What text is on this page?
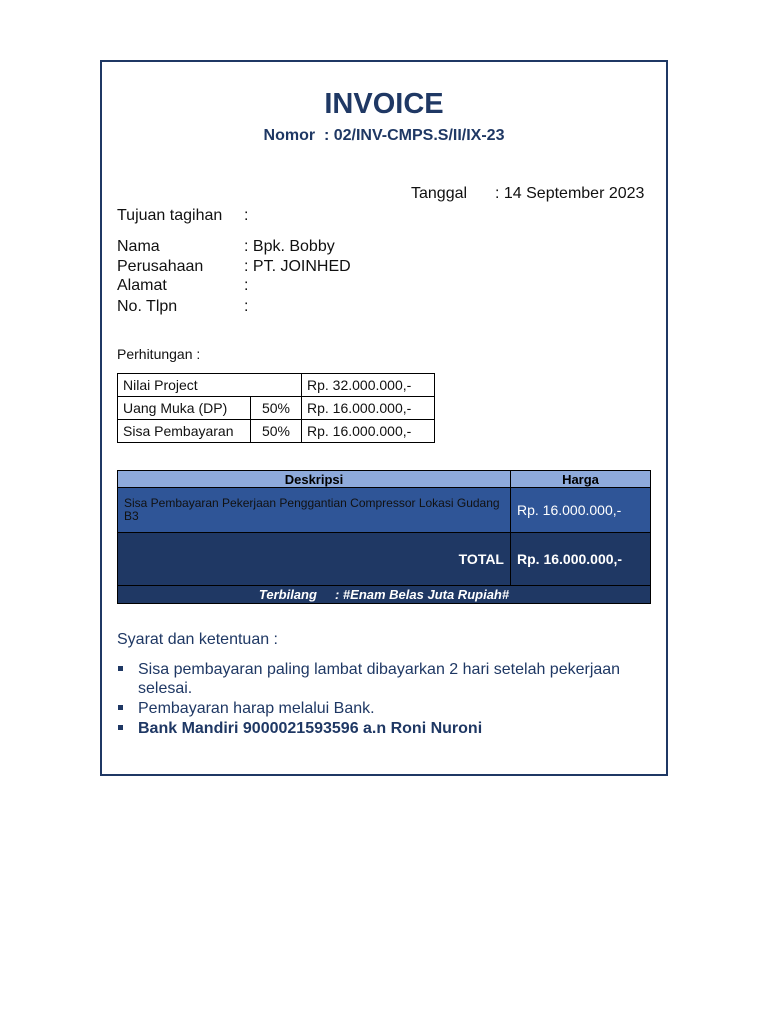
INVOICE
Nomor : 02/INV-CMPS.S/II/IX-23
Tanggal : 14 September 2023
Tujuan tagihan :
Nama	: Bpk. Bobby
Perusahaan	: PT. JOINHED
Alamat	:
No. Tlpn	:
Perhitungan :
Nilai Project		Rp. 32.000.000,-
Uang Muka (DP)	50%	Rp. 16.000.000,-
Sisa Pembayaran	50%	Rp. 16.000.000,-
Deskripsi	Harga
Sisa Pembayaran Pekerjaan Penggantian Compressor Lokasi Gudang B3	Rp. 16.000.000,-
TOTAL	Rp. 16.000.000,-
Terbilang : #Enam Belas Juta Rupiah#	
Syarat dan ketentuan :
Sisa pembayaran paling lambat dibayarkan 2 hari setelah pekerjaan selesai.
Pembayaran harap melalui Bank.
Bank Mandiri 9000021593596 a.n Roni Nuroni
